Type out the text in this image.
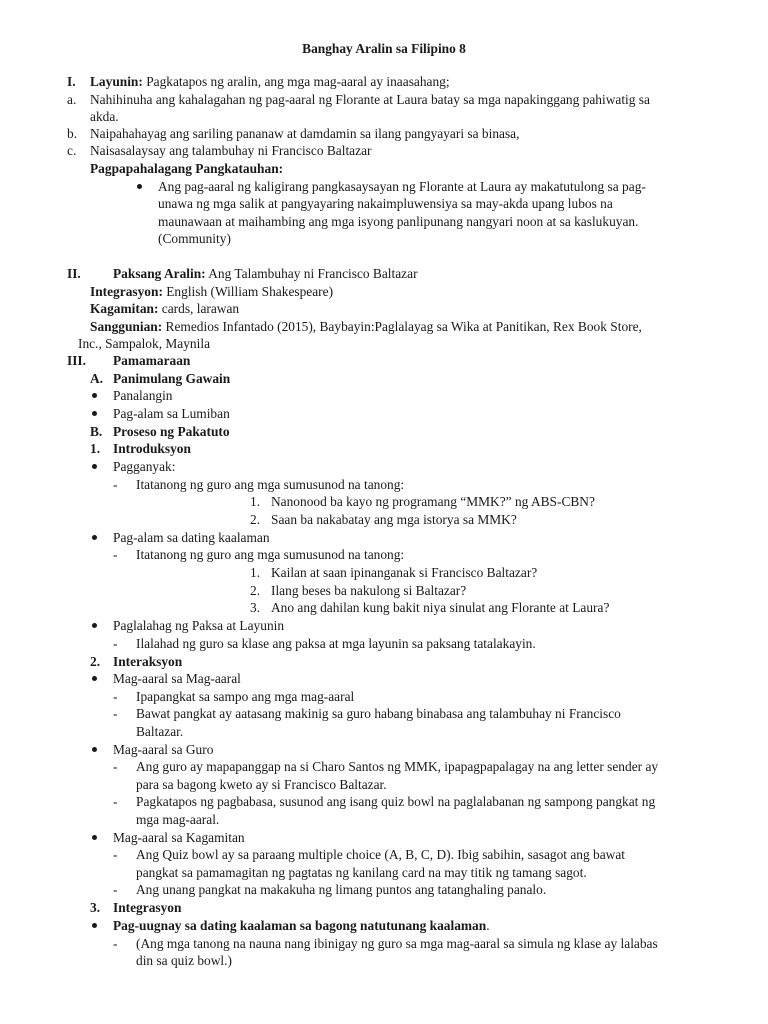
Banghay Aralin sa Filipino 8
I. Layunin: Pagkatapos ng aralin, ang mga mag-aaral ay inaasahang;
a. Nahihinuha ang kahalagahan ng pag-aaral ng Florante at Laura batay sa mga napakinggang pahiwatig sa
akda.
b. Naipahahayag ang sariling pananaw at damdamin sa ilang pangyayari sa binasa,
c. Naisasalaysay ang talambuhay ni Francisco Baltazar
Pagpapahalagang Pangkatauhan:
Ang pag-aaral ng kaligirang pangkasaysayan ng Florante at Laura ay makatutulong sa pag-
unawa ng mga salik at pangyayaring nakaimpluwensiya sa may-akda upang lubos na
maunawaan at maihambing ang mga isyong panlipunang nangyari noon at sa kaslukuyan.
(Community)
II. Paksang Aralin: Ang Talambuhay ni Francisco Baltazar
Integrasyon: English (William Shakespeare)
Kagamitan: cards, larawan
Sanggunian: Remedios Infantado (2015), Baybayin:Paglalayag sa Wika at Panitikan, Rex Book Store,
Inc., Sampalok, Maynila
III. Pamamaraan
A. Panimulang Gawain
Panalangin
Pag-alam sa Lumiban
B. Proseso ng Pakatuto
1. Introduksyon
Pagganyak:
- Itatanong ng guro ang mga sumusunod na tanong:
1. Nanonood ba kayo ng programang “MMK?” ng ABS-CBN?
2. Saan ba nakabatay ang mga istorya sa MMK?
Pag-alam sa dating kaalaman
- Itatanong ng guro ang mga sumusunod na tanong:
1. Kailan at saan ipinanganak si Francisco Baltazar?
2. Ilang beses ba nakulong si Baltazar?
3. Ano ang dahilan kung bakit niya sinulat ang Florante at Laura?
Paglalahag ng Paksa at Layunin
- Ilalahad ng guro sa klase ang paksa at mga layunin sa paksang tatalakayin.
2. Interaksyon
Mag-aaral sa Mag-aaral
- Ipapangkat sa sampo ang mga mag-aaral
- Bawat pangkat ay aatasang makinig sa guro habang binabasa ang talambuhay ni Francisco
Baltazar.
Mag-aaral sa Guro
- Ang guro ay mapapanggap na si Charo Santos ng MMK, ipapagpapalagay na ang letter sender ay
para sa bagong kweto ay si Francisco Baltazar.
- Pagkatapos ng pagbabasa, susunod ang isang quiz bowl na paglalabanan ng sampong pangkat ng
mga mag-aaral.
Mag-aaral sa Kagamitan
- Ang Quiz bowl ay sa paraang multiple choice (A, B, C, D). Ibig sabihin, sasagot ang bawat
pangkat sa pamamagitan ng pagtatas ng kanilang card na may titik ng tamang sagot.
- Ang unang pangkat na makakuha ng limang puntos ang tatanghaling panalo.
3. Integrasyon
Pag-uugnay sa dating kaalaman sa bagong natutunang kaalaman.
- (Ang mga tanong na nauna nang ibinigay ng guro sa mga mag-aaral sa simula ng klase ay lalabas
din sa quiz bowl.)
